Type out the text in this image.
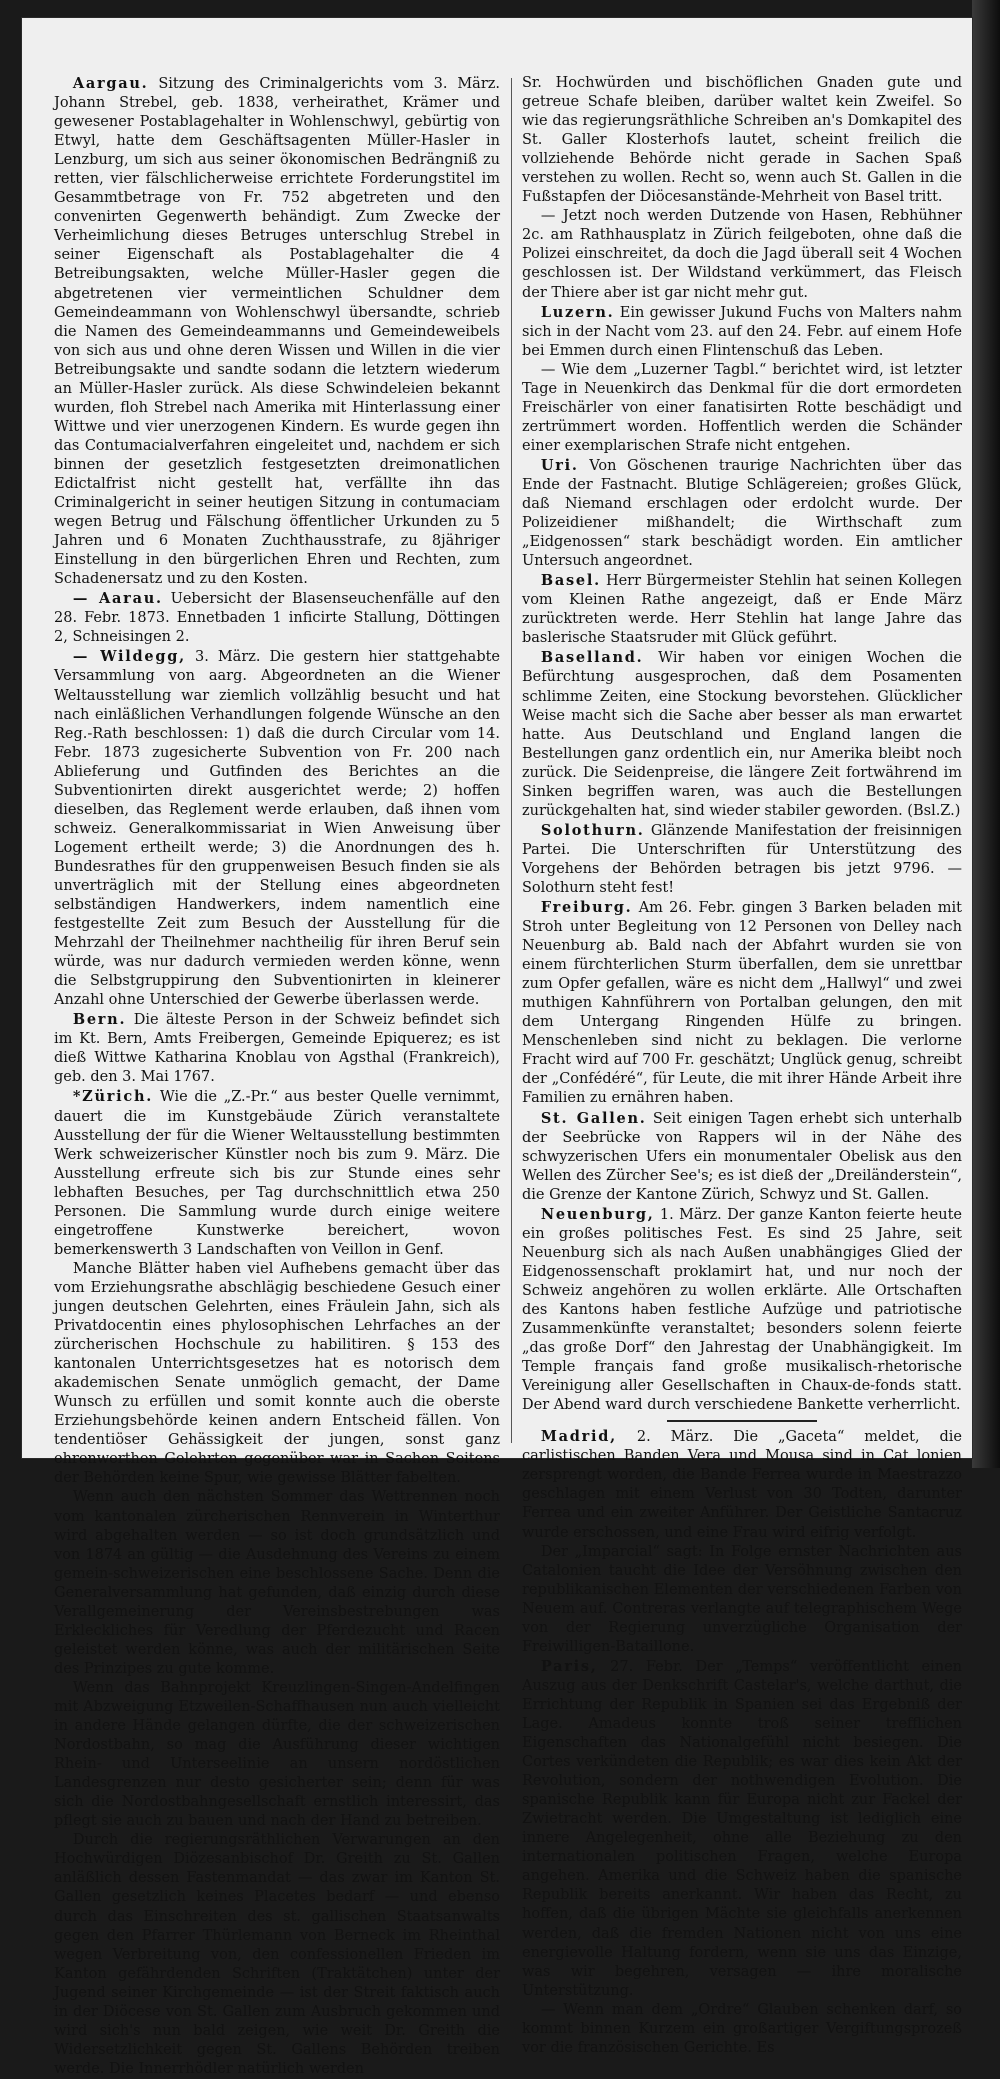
Aargau. Sitzung des Criminalgerichts vom 3. März. Johann Strebel, geb. 1838, verheirathet, Krämer und gewesener Postablagehalter in Wohlenschwyl, gebürtig von Etwyl, hatte dem Geschäftsagenten Müller-Hasler in Lenzburg, um sich aus seiner ökonomischen Bedrängniß zu retten, vier fälschlicherweise errichtete Forderungstitel im Gesammtbetrage von Fr. 752 abgetreten und den convenirten Gegenwerth behändigt. Zum Zwecke der Verheimlichung dieses Betruges unterschlug Strebel in seiner Eigenschaft als Postablagehalter die 4 Betreibungsakten, welche Müller-Hasler gegen die abgetretenen vier vermeintlichen Schuldner dem Gemeindeammann von Wohlenschwyl übersandte, schrieb die Namen des Gemeindeammanns und Gemeindeweibels von sich aus und ohne deren Wissen und Willen in die vier Betreibungsakte und sandte sodann die letztern wiederum an Müller-Hasler zurück. Als diese Schwindeleien bekannt wurden, floh Strebel nach Amerika mit Hinterlassung einer Wittwe und vier unerzogenen Kindern. Es wurde gegen ihn das Contumacialverfahren eingeleitet und, nachdem er sich binnen der gesetzlich festgesetzten dreimonatlichen Edictalfrist nicht gestellt hat, verfällte ihn das Criminalgericht in seiner heutigen Sitzung in contumaciam wegen Betrug und Fälschung öffentlicher Urkunden zu 5 Jahren und 6 Monaten Zuchthausstrafe, zu 8jähriger Einstellung in den bürgerlichen Ehren und Rechten, zum Schadenersatz und zu den Kosten.

— Aarau. Uebersicht der Blasenseuchenfälle auf den 28. Febr. 1873. Ennetbaden 1 inficirte Stallung, Döttingen 2, Schneisingen 2.

— Wildegg, 3. März. Die gestern hier stattgehabte Versammlung von aarg. Abgeordneten an die Wiener Weltausstellung war ziemlich vollzählig besucht und hat nach einläßlichen Verhandlungen folgende Wünsche an den Reg.-Rath beschlossen: 1) daß die durch Circular vom 14. Febr. 1873 zugesicherte Subvention von Fr. 200 nach Ablieferung und Gutfinden des Berichtes an die Subventionirten direkt ausgerichtet werde; 2) hoffen dieselben, das Reglement werde erlauben, daß ihnen vom schweiz. Generalkommissariat in Wien Anweisung über Logement ertheilt werde; 3) die Anordnungen des h. Bundesrathes für den gruppenweisen Besuch finden sie als unverträglich mit der Stellung eines abgeordneten selbständigen Handwerkers, indem namentlich eine festgestellte Zeit zum Besuch der Ausstellung für die Mehrzahl der Theilnehmer nachtheilig für ihren Beruf sein würde, was nur dadurch vermieden werden könne, wenn die Selbstgruppirung den Subventionirten in kleinerer Anzahl ohne Unterschied der Gewerbe überlassen werde.

Bern. Die älteste Person in der Schweiz befindet sich im Kt. Bern, Amts Freibergen, Gemeinde Epiquerez; es ist dieß Wittwe Katharina Knoblau von Agsthal (Frankreich), geb. den 3. Mai 1767.

*Zürich. Wie die „Z.-Pr.“ aus bester Quelle vernimmt, dauert die im Kunstgebäude Zürich veranstaltete Ausstellung der für die Wiener Weltausstellung bestimmten Werk schweizerischer Künstler noch bis zum 9. März. Die Ausstellung erfreute sich bis zur Stunde eines sehr lebhaften Besuches, per Tag durchschnittlich etwa 250 Personen. Die Sammlung wurde durch einige weitere eingetroffene Kunstwerke bereichert, wovon bemerkenswerth 3 Landschaften von Veillon in Genf.

Manche Blätter haben viel Aufhebens gemacht über das vom Erziehungsrathe abschlägig beschiedene Gesuch einer jungen deutschen Gelehrten, eines Fräulein Jahn, sich als Privatdocentin eines phylosophischen Lehrfaches an der zürcherischen Hochschule zu habilitiren. § 153 des kantonalen Unterrichtsgesetzes hat es notorisch dem akademischen Senate unmöglich gemacht, der Dame Wunsch zu erfüllen und somit konnte auch die oberste Erziehungsbehörde keinen andern Entscheid fällen. Von tendentiöser Gehässigkeit der jungen, sonst ganz ehrenwerthen Gelehrten gegenüber war in Sachen Seitens der Behörden keine Spur, wie gewisse Blätter fabelten.

Wenn auch den nächsten Sommer das Wettrennen noch vom kantonalen zürcherischen Rennverein in Winterthur wird abgehalten werden — so ist doch grundsätzlich und von 1874 an gültig — die Ausdehnung des Vereins zu einem gemein-schweizerischen eine beschlossene Sache. Denn die Generalversammlung hat gefunden, daß einzig durch diese Verallgemeinerung der Vereinsbestrebungen was Erkleckliches für Veredlung der Pferdezucht und Racen geleistet werden könne, was auch der militärischen Seite des Prinzipes zu gute komme.

Wenn das Bahnprojekt Kreuzlingen-Singen-Andelfingen mit Abzweigung Etzweilen-Schaffhausen nun auch vielleicht in andere Hände gelangen dürfte, die der schweizerischen Nordostbahn, so mag die Ausführung dieser wichtigen Rhein- und Unterseelinie an unsern nordöstlichen Landesgrenzen nur desto gesicherter sein; denn für was sich die Nordostbahngesellschaft ernstlich interessirt, das pflegt sie auch zu bauen und nach der Hand zu betreiben.

Durch die regierungsräthlichen Verwarungen an den Hochwürdigen Diözesanbischof Dr. Greith zu St. Gallen anläßlich dessen Fastenmandat — das zwar im Kanton St. Gallen gesetzlich keines Placetes bedarf — und ebenso durch das Einschreiten des st. gallischen Staatsanwalts gegen den Pfarrer Thürlemann von Berneck im Rheinthal wegen Verbreitung von, den confessionellen Frieden im Kanton gefährdenden Schriften (Traktätchen) unter der Jugend seiner Kirchgemeinde — ist der Streit faktisch auch in der Diöcese von St. Gallen zum Ausbruch gekommen und wird sich's nun bald zeigen, wie weit Dr. Greith die Widersetzlichkeit gegen St. Gallens Behörden treiben werde. Die Innerrhödler natürlich werden

Sr. Hochwürden und bischöflichen Gnaden gute und getreue Schafe bleiben, darüber waltet kein Zweifel. So wie das regierungsräthliche Schreiben an's Domkapitel des St. Galler Klosterhofs lautet, scheint freilich die vollziehende Behörde nicht gerade in Sachen Spaß verstehen zu wollen. Recht so, wenn auch St. Gallen in die Fußstapfen der Diöcesanstände-Mehrheit von Basel tritt.

— Jetzt noch werden Dutzende von Hasen, Rebhühner 2c. am Rathhausplatz in Zürich feilgeboten, ohne daß die Polizei einschreitet, da doch die Jagd überall seit 4 Wochen geschlossen ist. Der Wildstand verkümmert, das Fleisch der Thiere aber ist gar nicht mehr gut.

Luzern. Ein gewisser Jukund Fuchs von Malters nahm sich in der Nacht vom 23. auf den 24. Febr. auf einem Hofe bei Emmen durch einen Flintenschuß das Leben.

— Wie dem „Luzerner Tagbl.“ berichtet wird, ist letzter Tage in Neuenkirch das Denkmal für die dort ermordeten Freischärler von einer fanatisirten Rotte beschädigt und zertrümmert worden. Hoffentlich werden die Schänder einer exemplarischen Strafe nicht entgehen.

Uri. Von Göschenen traurige Nachrichten über das Ende der Fastnacht. Blutige Schlägereien; großes Glück, daß Niemand erschlagen oder erdolcht wurde. Der Polizeidiener mißhandelt; die Wirthschaft zum „Eidgenossen“ stark beschädigt worden. Ein amtlicher Untersuch angeordnet.

Basel. Herr Bürgermeister Stehlin hat seinen Kollegen vom Kleinen Rathe angezeigt, daß er Ende März zurücktreten werde. Herr Stehlin hat lange Jahre das baslerische Staatsruder mit Glück geführt.

Baselland. Wir haben vor einigen Wochen die Befürchtung ausgesprochen, daß dem Posamenten schlimme Zeiten, eine Stockung bevorstehen. Glücklicher Weise macht sich die Sache aber besser als man erwartet hatte. Aus Deutschland und England langen die Bestellungen ganz ordentlich ein, nur Amerika bleibt noch zurück. Die Seidenpreise, die längere Zeit fortwährend im Sinken begriffen waren, was auch die Bestellungen zurückgehalten hat, sind wieder stabiler geworden. (Bsl.Z.)

Solothurn. Glänzende Manifestation der freisinnigen Partei. Die Unterschriften für Unterstützung des Vorgehens der Behörden betragen bis jetzt 9796. — Solothurn steht fest!

Freiburg. Am 26. Febr. gingen 3 Barken beladen mit Stroh unter Begleitung von 12 Personen von Delley nach Neuenburg ab. Bald nach der Abfahrt wurden sie von einem fürchterlichen Sturm überfallen, dem sie unrettbar zum Opfer gefallen, wäre es nicht dem „Hallwyl“ und zwei muthigen Kahnführern von Portalban gelungen, den mit dem Untergang Ringenden Hülfe zu bringen. Menschenleben sind nicht zu beklagen. Die verlorne Fracht wird auf 700 Fr. geschätzt; Unglück genug, schreibt der „Confédéré“, für Leute, die mit ihrer Hände Arbeit ihre Familien zu ernähren haben.

St. Gallen. Seit einigen Tagen erhebt sich unterhalb der Seebrücke von Rappers wil in der Nähe des schwyzerischen Ufers ein monumentaler Obelisk aus den Wellen des Zürcher See's; es ist dieß der „Dreiländerstein“, die Grenze der Kantone Zürich, Schwyz und St. Gallen.

Neuenburg, 1. März. Der ganze Kanton feierte heute ein großes politisches Fest. Es sind 25 Jahre, seit Neuenburg sich als nach Außen unabhängiges Glied der Eidgenossenschaft proklamirt hat, und nur noch der Schweiz angehören zu wollen erklärte. Alle Ortschaften des Kantons haben festliche Aufzüge und patriotische Zusammenkünfte veranstaltet; besonders solenn feierte „das große Dorf“ den Jahrestag der Unabhängigkeit. Im Temple français fand große musikalisch-rhetorische Vereinigung aller Gesellschaften in Chaux-de-fonds statt. Der Abend ward durch verschiedene Bankette verherrlicht.

Madrid, 2. März. Die „Gaceta“ meldet, die carlistischen Banden Vera und Mousa sind in Cat lonien zersprengt worden, die Bande Ferrea wurde in Maestrazzo geschlagen mit einem Verlust von 30 Todten, darunter Ferrea und ein zweiter Anführer. Der Geistliche Santacruz wurde erschossen, und eine Frau wird eifrig verfolgt.

Der „Imparcial“ sagt: In Folge ernster Nachrichten aus Catalonien taucht die Idee der Versöhnung zwischen den republikanischen Elementen der verschiedenen Farben von Neuem auf. Contreras verlangte auf telegraphischem Wege von der Regierung unverzügliche Organisation der Freiwilligen-Bataillone.

Paris, 27. Febr. Der „Temps“ veröffentlicht einen Auszug aus der Denkschrift Castelar's, welche darthut, die Errichtung der Republik in Spanien sei das Ergebniß der Lage. Amadeus konnte troß seiner trefflichen Eigenschaften das Nationalgefühl nicht besiegen. Die Cortes verkündeten die Republik; es war dies kein Akt der Revolution, sondern der nothwendigen Evolution. Die spanische Republik kann für Europa nicht zur Fackel der Zwietracht werden. Die Umgestaltung ist lediglich eine innere Angelegenheit, ohne alle Beziehung zu den internationalen politischen Fragen, welche Europa angehen. Amerika und die Schweiz haben die spanische Republik bereits anerkannt. Wir haben das Recht, zu hoffen, daß die übrigen Mächte sie gleichfalls anerkennen werden, daß die fremden Nationen nicht von uns eine energievolle Haltung fordern, wenn sie uns das Einzige, was wir begehren, versagen — ihre moralische Unterstützung.

— Wenn man dem „Ordre“ Glauben schenken darf, so kommt binnen Kurzem ein großartiger Vergiftungsprozeß vor die französischen Gerichte. Es
